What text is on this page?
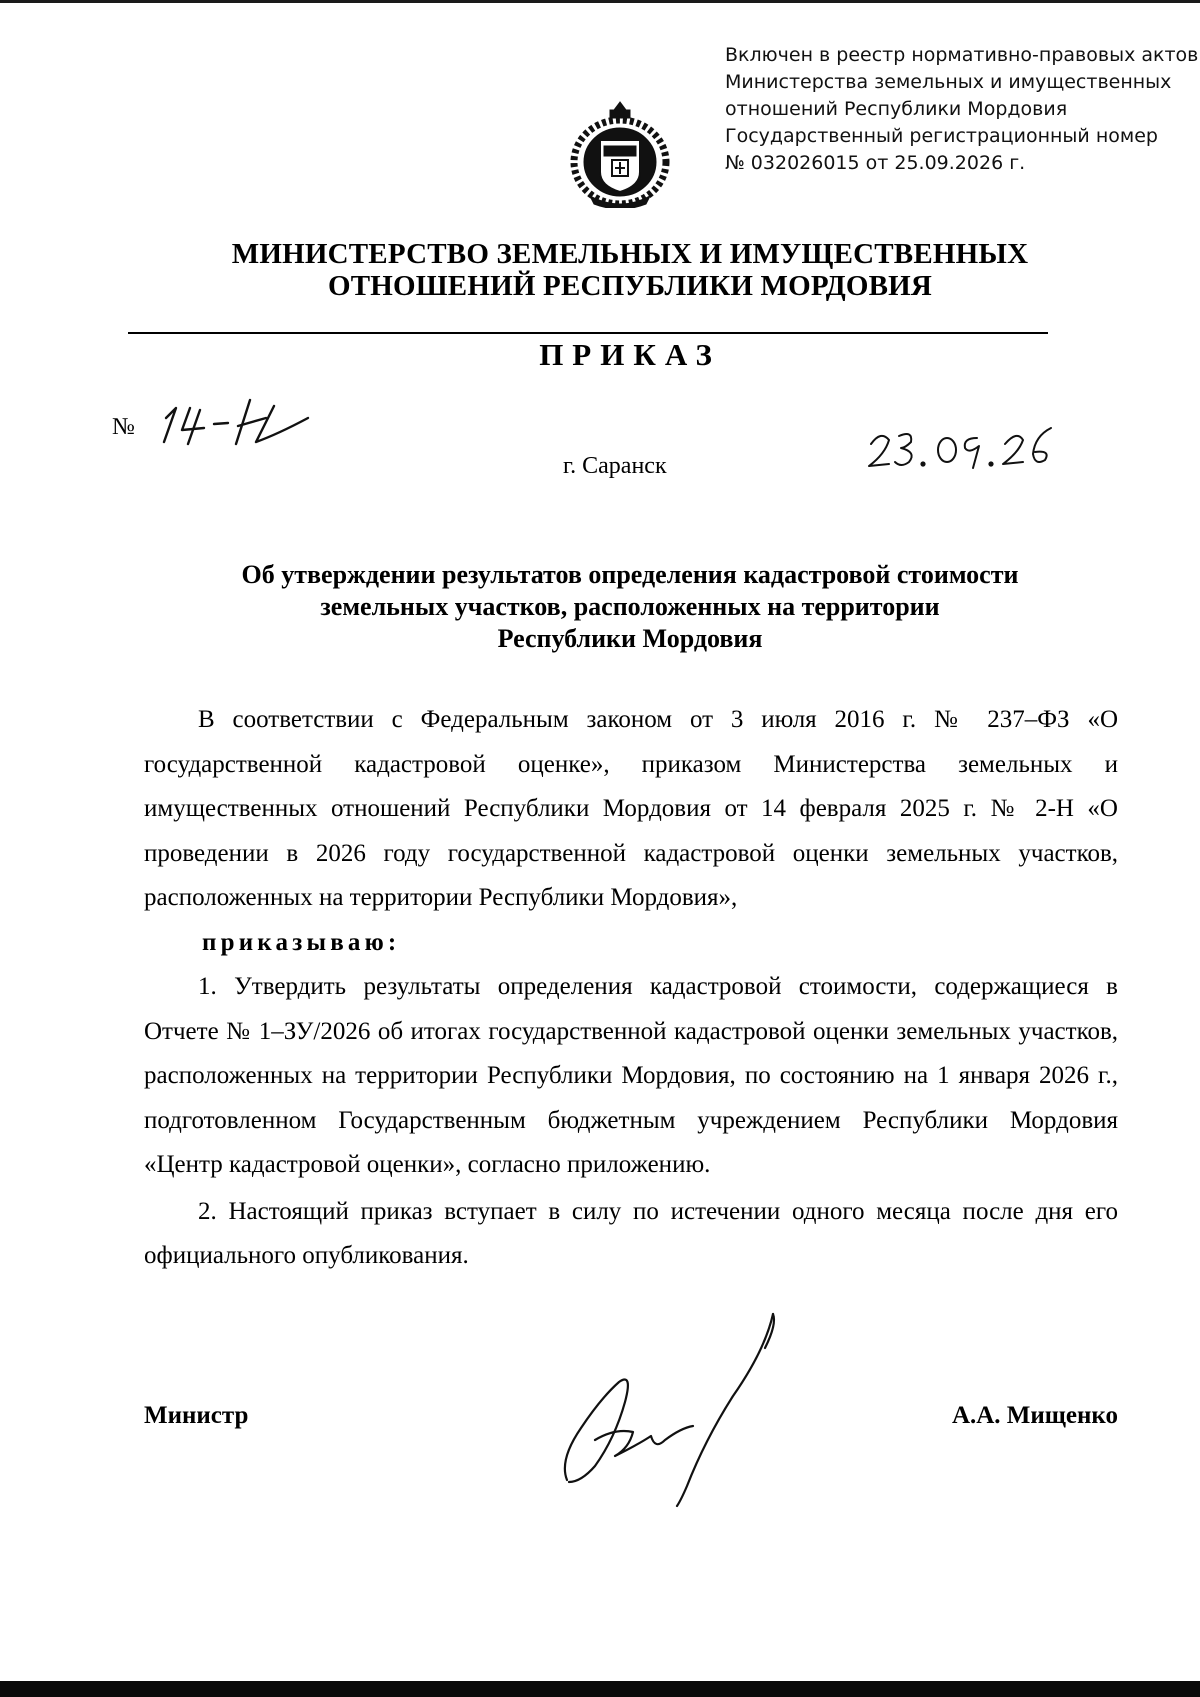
Включен в реестр нормативно-правовых актов
Министерства земельных и имущественных
отношений Республики Мордовия
Государственный регистрационный номер
№ 032026015 от 25.09.2026 г.
МИНИСТЕРСТВО ЗЕМЕЛЬНЫХ И ИМУЩЕСТВЕННЫХ
ОТНОШЕНИЙ РЕСПУБЛИКИ МОРДОВИЯ
ПРИКАЗ
№
г. Саранск
Об утверждении результатов определения кадастровой стоимости
земельных участков, расположенных на территории
Республики Мордовия

В соответствии с Федеральным законом от 3 июля 2016 г. № 237–ФЗ «О государственной кадастровой оценке», приказом Министерства земельных и имущественных отношений Республики Мордовия от 14 февраля 2025 г. № 2-Н «О проведении в 2026 году государственной кадастровой оценки земельных участков, расположенных на территории Республики Мордовия»,

приказываю:

1. Утвердить результаты определения кадастровой стоимости, содержащиеся в Отчете № 1–ЗУ/2026 об итогах государственной кадастровой оценки земельных участков, расположенных на территории Республики Мордовия, по состоянию на 1 января 2026 г., подготовленном Государственным бюджетным учреждением Республики Мордовия «Центр кадастровой оценки», согласно приложению.

2. Настоящий приказ вступает в силу по истечении одного месяца после дня его официального опубликования.

Министр	А.А. Мищенко
